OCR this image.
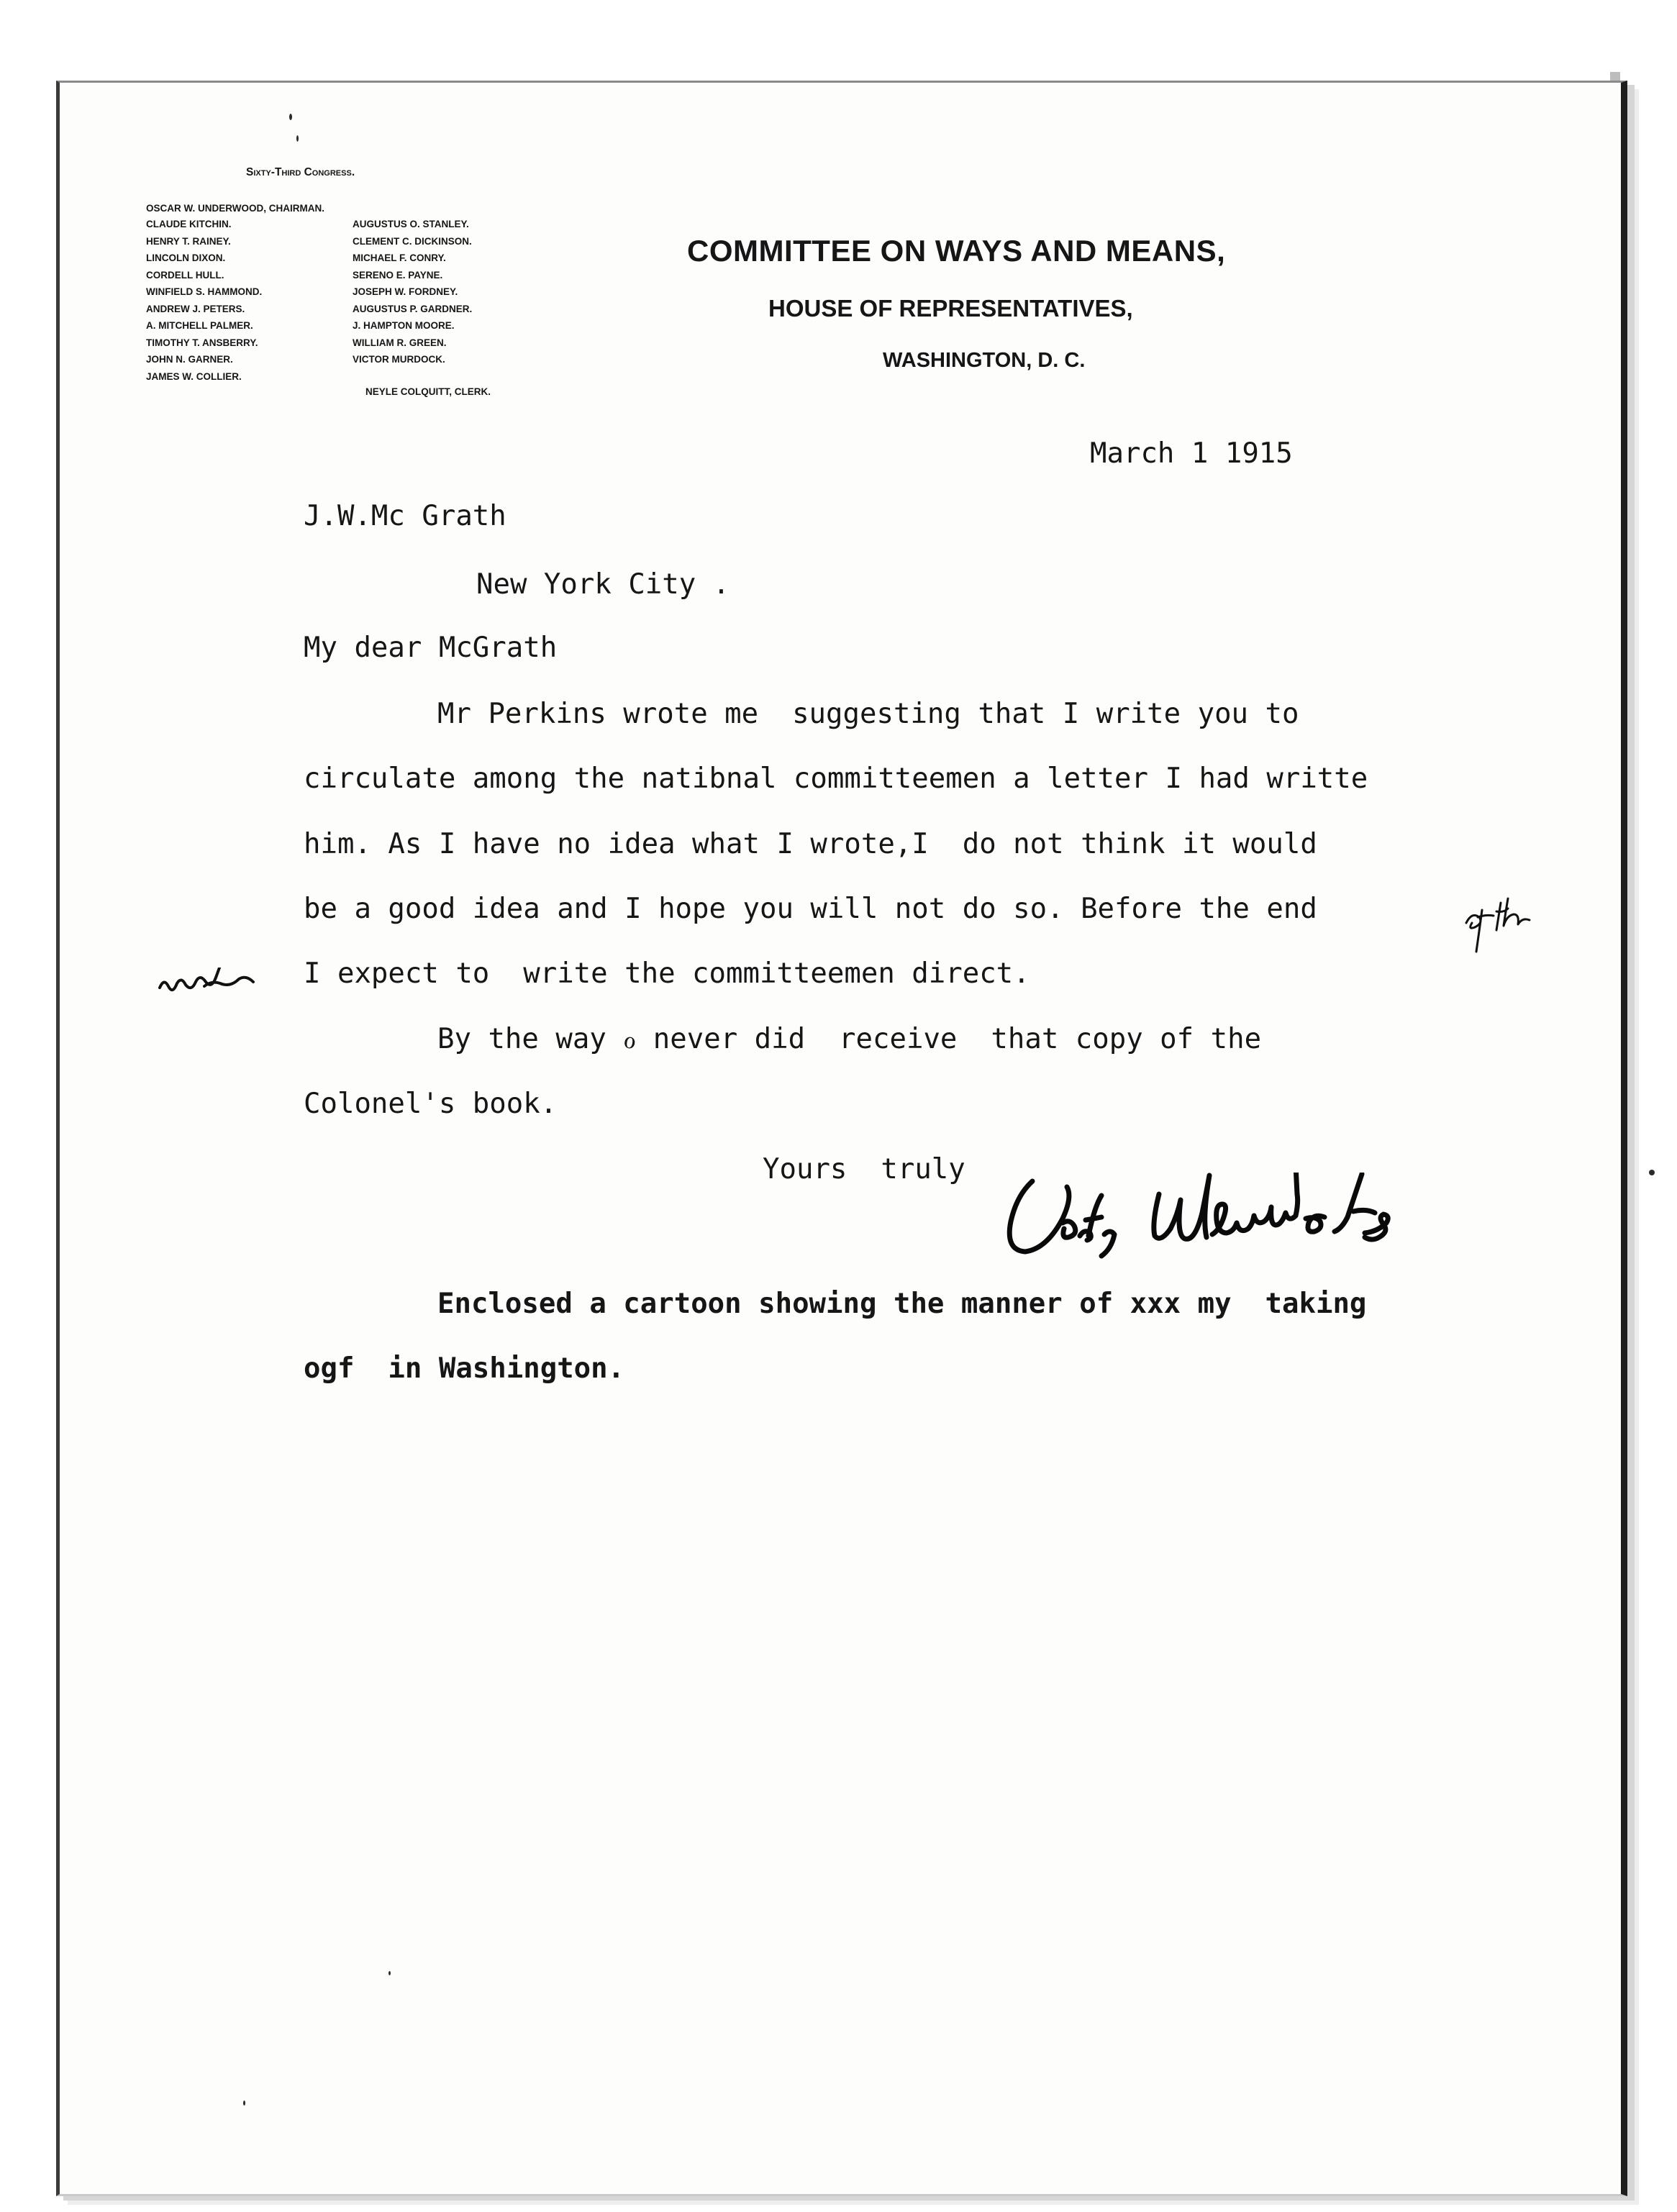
Sixty-Third Congress.
OSCAR W. UNDERWOOD, CHAIRMAN.
CLAUDE KITCHIN.
HENRY T. RAINEY.
LINCOLN DIXON.
CORDELL HULL.
WINFIELD S. HAMMOND.
ANDREW J. PETERS.
A. MITCHELL PALMER.
TIMOTHY T. ANSBERRY.
JOHN N. GARNER.
JAMES W. COLLIER.
AUGUSTUS O. STANLEY.
CLEMENT C. DICKINSON.
MICHAEL F. CONRY.
SERENO E. PAYNE.
JOSEPH W. FORDNEY.
AUGUSTUS P. GARDNER.
J. HAMPTON MOORE.
WILLIAM R. GREEN.
VICTOR MURDOCK.
NEYLE COLQUITT, CLERK.
COMMITTEE ON WAYS AND MEANS,
HOUSE OF REPRESENTATIVES,
WASHINGTON, D. C.
March 1 1915
J.W.Mc Grath
New York City .
My dear McGrath
Mr Perkins wrote me  suggesting that I write you to
circulate among the natibnal committeemen a letter I had writte
him. As I have no idea what I wrote,I  do not think it would
be a good idea and I hope you will not do so. Before the end
I expect to  write the committeemen direct.
By the way ℴ never did  receive  that copy of the
Colonel's book.
Yours  truly
Enclosed a cartoon showing the manner of xxx my  taking
ogf  in Washington.
week
of the
Victor Murdock
